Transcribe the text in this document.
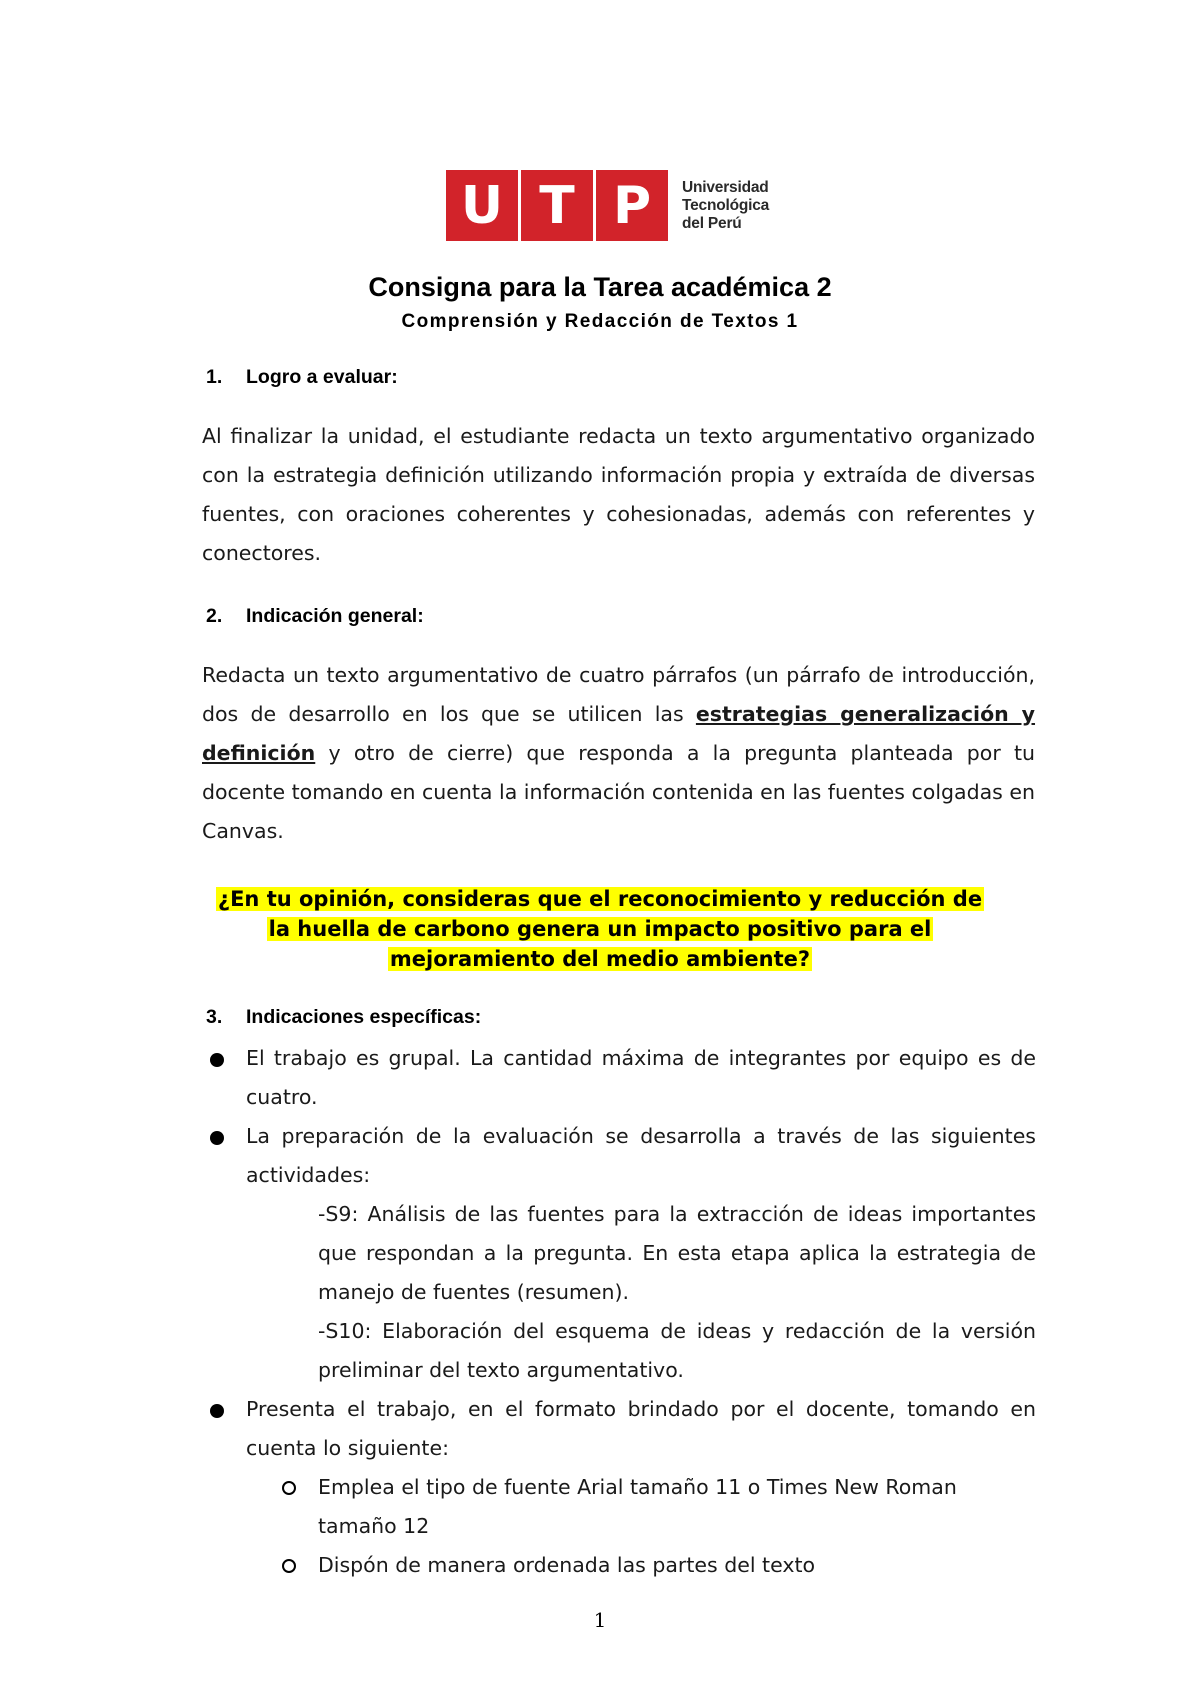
U T P	Universidad
Tecnológica
del Perú
Consigna para la Tarea académica 2
Comprensión y Redacción de Textos 1
1. Logro a evaluar:
Al finalizar la unidad, el estudiante redacta un texto argumentativo organizado con la estrategia definición utilizando información propia y extraída de diversas fuentes, con oraciones coherentes y cohesionadas, además con referentes y conectores.
2. Indicación general:
Redacta un texto argumentativo de cuatro párrafos (un párrafo de introducción, dos de desarrollo en los que se utilicen las estrategias generalización y definición y otro de cierre) que responda a la pregunta planteada por tu docente tomando en cuenta la información contenida en las fuentes colgadas en Canvas.
¿En tu opinión, consideras que el reconocimiento y reducción de
la huella de carbono genera un impacto positivo para el
mejoramiento del medio ambiente?
3. Indicaciones específicas:
El trabajo es grupal. La cantidad máxima de integrantes por equipo es de cuatro.
La preparación de la evaluación se desarrolla a través de las siguientes actividades:
-S9: Análisis de las fuentes para la extracción de ideas importantes que respondan a la pregunta. En esta etapa aplica la estrategia de manejo de fuentes (resumen).
-S10: Elaboración del esquema de ideas y redacción de la versión preliminar del texto argumentativo.
Presenta el trabajo, en el formato brindado por el docente, tomando en cuenta lo siguiente:
Emplea el tipo de fuente Arial tamaño 11 o Times New Roman tamaño 12
Dispón de manera ordenada las partes del texto
1
